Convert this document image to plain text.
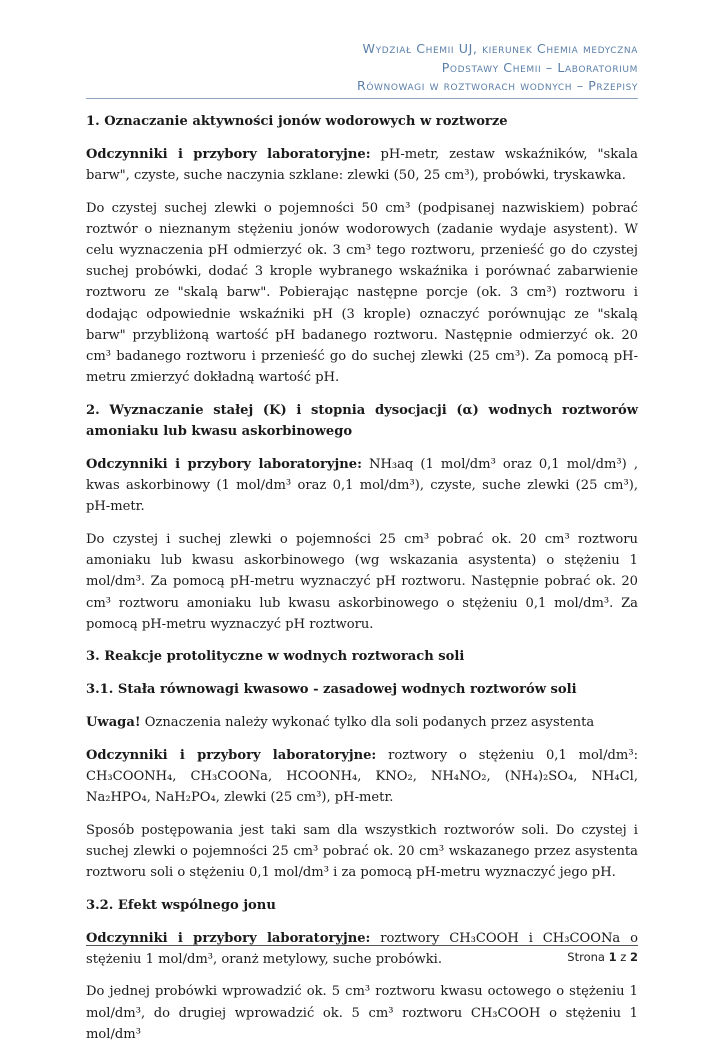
Wydział Chemii UJ, kierunek Chemia medyczna
Podstawy Chemii – Laboratorium
Równowagi w roztworach wodnych – Przepisy
1. Oznaczanie aktywności jonów wodorowych w roztworze

Odczynniki i przybory laboratoryjne: pH-metr, zestaw wskaźników, "skala barw", czyste, suche naczynia szklane: zlewki (50, 25 cm³), probówki, tryskawka.

Do czystej suchej zlewki o pojemności 50 cm³ (podpisanej nazwiskiem) pobrać roztwór o nieznanym stężeniu jonów wodorowych (zadanie wydaje asystent). W celu wyznaczenia pH odmierzyć ok. 3 cm³ tego roztworu, przenieść go do czystej suchej probówki, dodać 3 krople wybranego wskaźnika i porównać zabarwienie roztworu ze "skalą barw". Pobierając następne porcje (ok. 3 cm³) roztworu i dodając odpowiednie wskaźniki pH (3 krople) oznaczyć porównując ze "skalą barw" przybliżoną wartość pH badanego roztworu. Następnie odmierzyć ok. 20 cm³ badanego roztworu i przenieść go do suchej zlewki (25 cm³). Za pomocą pH-metru zmierzyć dokładną wartość pH.

2. Wyznaczanie stałej (K) i stopnia dysocjacji (α) wodnych roztworów amoniaku lub kwasu askorbinowego

Odczynniki i przybory laboratoryjne: NH₃aq (1 mol/dm³ oraz 0,1 mol/dm³) , kwas askorbinowy (1 mol/dm³ oraz 0,1 mol/dm³), czyste, suche zlewki (25 cm³), pH-metr.

Do czystej i suchej zlewki o pojemności 25 cm³ pobrać ok. 20 cm³ roztworu amoniaku lub kwasu askorbinowego (wg wskazania asystenta) o stężeniu 1 mol/dm³. Za pomocą pH-metru wyznaczyć pH roztworu. Następnie pobrać ok. 20 cm³ roztworu amoniaku lub kwasu askorbinowego o stężeniu 0,1 mol/dm³. Za pomocą pH-metru wyznaczyć pH roztworu.

3. Reakcje protolityczne w wodnych roztworach soli
3.1. Stała równowagi kwasowo - zasadowej wodnych roztworów soli

Uwaga! Oznaczenia należy wykonać tylko dla soli podanych przez asystenta

Odczynniki i przybory laboratoryjne: roztwory o stężeniu 0,1 mol/dm³: CH₃COONH₄, CH₃COONa, HCOONH₄, KNO₂, NH₄NO₂, (NH₄)₂SO₄, NH₄Cl, Na₂HPO₄, NaH₂PO₄, zlewki (25 cm³), pH-metr.

Sposób postępowania jest taki sam dla wszystkich roztworów soli. Do czystej i suchej zlewki o pojemności 25 cm³ pobrać ok. 20 cm³ wskazanego przez asystenta roztworu soli o stężeniu 0,1 mol/dm³ i za pomocą pH-metru wyznaczyć jego pH.

3.2. Efekt wspólnego jonu

Odczynniki i przybory laboratoryjne: roztwory CH₃COOH i CH₃COONa o stężeniu 1 mol/dm³, oranż metylowy, suche probówki.

Do jednej probówki wprowadzić ok. 5 cm³ roztworu kwasu octowego o stężeniu 1 mol/dm³, do drugiej wprowadzić ok. 5 cm³ roztworu CH₃COOH o stężeniu 1 mol/dm³

Strona 1 z 2
